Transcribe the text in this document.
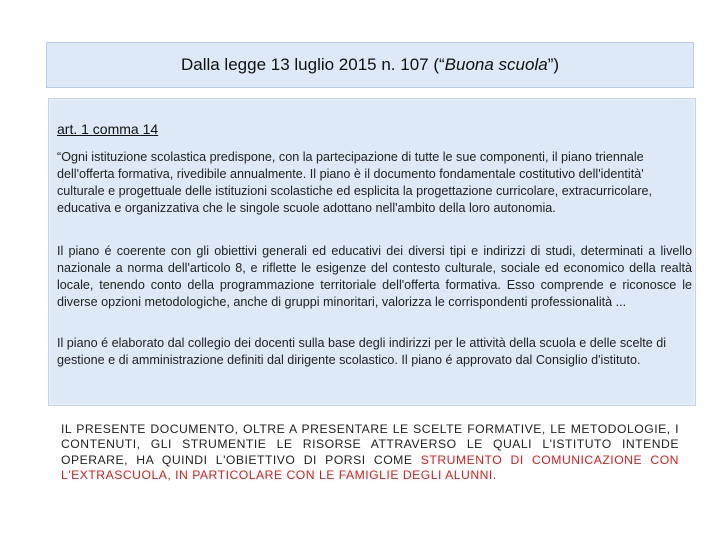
Dalla legge 13 luglio 2015 n. 107 (“Buona scuola”)
art. 1 comma 14

“Ogni istituzione scolastica predispone, con la partecipazione di tutte le sue componenti, il piano triennale dell'offerta formativa, rivedibile annualmente. Il piano è il documento fondamentale costitutivo dell'identità' culturale e progettuale delle istituzioni scolastiche ed esplicita la progettazione curricolare, extracurricolare, educativa e organizzativa che le singole scuole adottano nell'ambito della loro autonomia.

Il piano é coerente con gli obiettivi generali ed educativi dei diversi tipi e indirizzi di studi, determinati a livello nazionale a norma dell'articolo 8, e riflette le esigenze del contesto culturale, sociale ed economico della realtà locale, tenendo conto della programmazione territoriale dell'offerta formativa. Esso comprende e riconosce le diverse opzioni metodologiche, anche di gruppi minoritari, valorizza le corrispondenti professionalità ...

Il piano é elaborato dal collegio dei docenti sulla base degli indirizzi per le attività della scuola e delle scelte di gestione e di amministrazione definiti dal dirigente scolastico. Il piano é approvato dal Consiglio d'istituto.

IL PRESENTE DOCUMENTO, OLTRE A PRESENTARE LE SCELTE FORMATIVE, LE METODOLOGIE, I CONTENUTI, GLI STRUMENTIE LE RISORSE ATTRAVERSO LE QUALI L'ISTITUTO INTENDE OPERARE, HA QUINDI L'OBIETTIVO DI PORSI COME STRUMENTO DI COMUNICAZIONE CON L'EXTRASCUOLA, IN PARTICOLARE CON LE FAMIGLIE DEGLI ALUNNI.
